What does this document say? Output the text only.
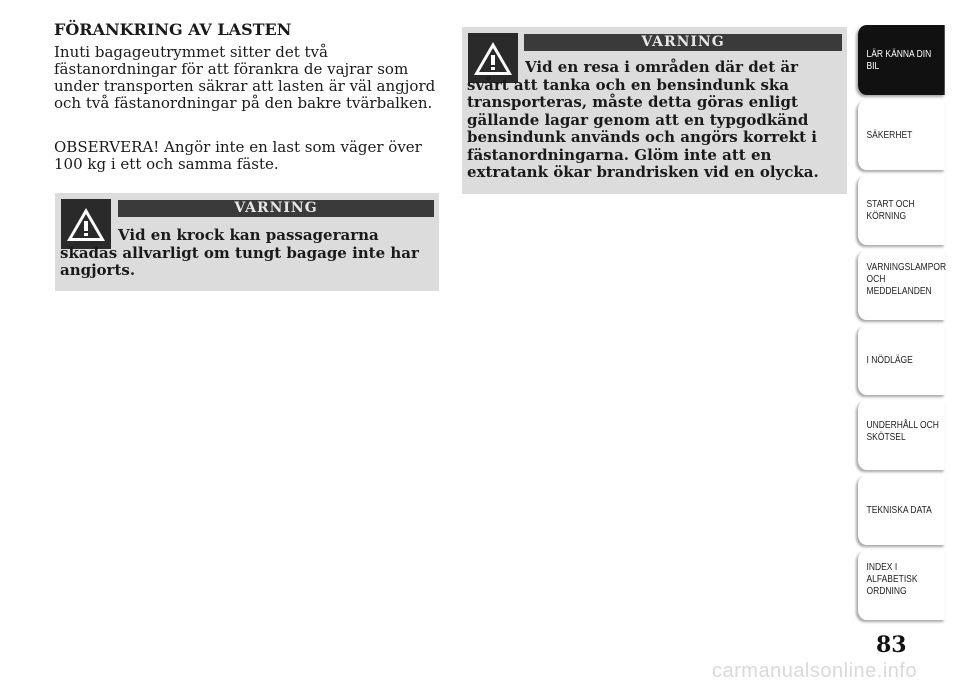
FÖRANKRING AV LASTEN
Inuti bagageutrymmet sitter det två fästanordningar för att förankra de vajrar som under transporten säkrar att lasten är väl angjord och två fästanordningar på den bakre tvärbalken.
OBSERVERA! Angör inte en last som väger över 100 kg i ett och samma fäste.
VARNING
Vid en krock kan passagerarna skadas allvarligt om tungt bagage inte har angjorts.
VARNING
Vid en resa i områden där det är svårt att tanka och en bensindunk ska transporteras, måste detta göras enligt gällande lagar genom att en typgodkänd bensindunk används och angörs korrekt i fästanordningarna. Glöm inte att en extratank ökar brandrisken vid en olycka.
LÄR KÄNNA DIN
BIL
SÄKERHET
START OCH
KÖRNING
VARNINGSLAMPOR
OCH
MEDDELANDEN
I NÖDLÄGE
UNDERHÅLL OCH
SKÖTSEL
TEKNISKA DATA
INDEX I
ALFABETISK
ORDNING
83
carmanualsonline.info
